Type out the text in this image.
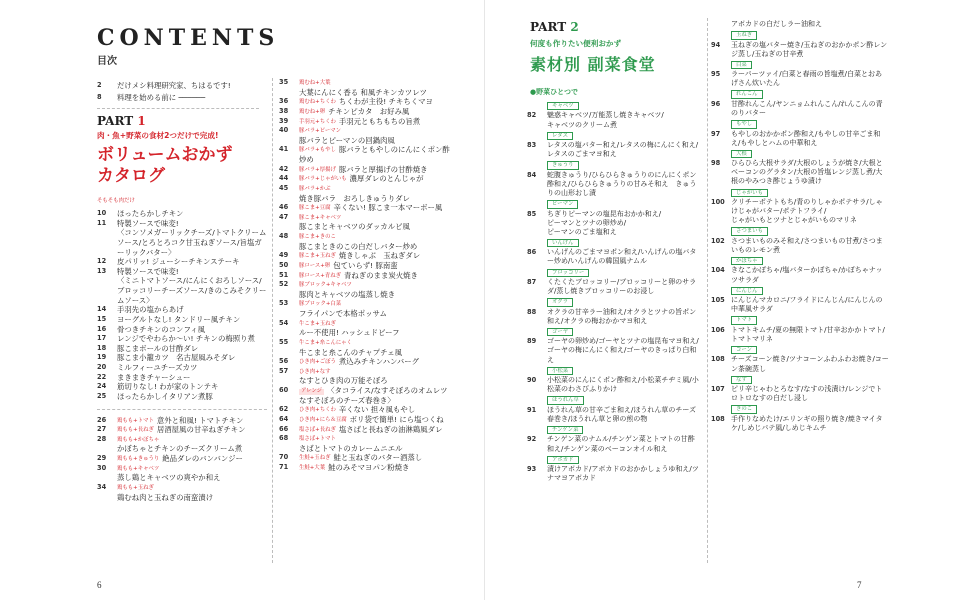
CONTENTS
目次
2	だけメシ料理研究家、ちはるです!
8	料理を始める前に ──────
PART 1
肉・魚+野菜の食材2つだけで完成!
ボリュームおかず
カタログ
そもそも肉だけ
10	ほったらかしチキン
11	特製ソースで味変!
〈コンソメガーリックチーズ/トマトクリームソース/とろとろコク甘玉ねぎソース/旨塩ガーリックバター〉
12	皮パリッ! ジューシーチキンステーキ
13	特製ソースで味変!
〈ミニトマトソース/にんにくおろしソース/ブロッコリーチーズソース/きのこみそクリームソース〉
14	手羽先の塩からあげ
15	ヨーグルトなし! タンドリー風チキン
16	骨つきチキンのコンフィ風
17	レンジでやわらか〜い! チキンの梅照り煮
18	豚こまボールの甘酢ダレ
19	豚こま小籠カツ　名古屋風みそダレ
20	ミルフィーユチーズカツ
22	まきまきチャーシュー
24	筋切りなし! わが家のトンテキ
25	ほったらかしイタリアン煮豚
26	鶏もも+トマト 意外と和風! トマトチキン
27	鶏もも+長ねぎ 居酒屋風の甘辛ねぎチキン
28	鶏もも+かぼちゃ
かぼちゃとチキンのチーズクリーム煮
29	鶏もも+きゅうり 絶品ダレのバンバンジー
30	鶏もも+キャベツ
蒸し鶏とキャベツの爽やか和え
34	鶏もも+玉ねぎ
鶏むね肉と玉ねぎの南蛮漬け
35	鶏むね+大葉
大葉にんにく香る 和風チキンカツレツ
36	鶏むね+ちくわ ちくわが主役! チキちくマヨ
38	鶏むね+卵 チキンピカタ　お好み風
39	手羽元+ちくわ 手羽元ともちもちの旨煮
40	豚バラ+ピーマン
豚バラとピーマンの回鍋肉風
41	豚バラ+もやし 豚バラともやしのにんにくポン酢炒め
42	豚バラ+厚揚げ 豚バラと厚揚げの甘酢焼き
44	豚バラ+じゃがいも 濃厚ダレのとんじゃが
45	豚バラ+かぶ
焼き豚バラ　おろしきゅうりダレ
46	豚こま+豆腐 辛くない! 豚こま一本マーボー風
47	豚こま+キャベツ
豚こまとキャベツのダッカルビ風
48	豚こま+きのこ
豚こまときのこの白だしバター炒め
49	豚こま+玉ねぎ 焼きしゃぶ　玉ねぎダレ
50	豚ロース+卵 包ていらず! 豚南蛮
51	豚ロース+青ねぎ 青ねぎのまま炭火焼き
52	豚ブロック+キャベツ
豚肉とキャベツの塩蒸し焼き
53	豚ブロック+白菜
フライパンで本格ポッサム
54	牛こま+玉ねぎ
ルー不使用! ハッシュドビーフ
55	牛こま+糸こんにゃく
牛こまと糸こんのチャプチェ風
56	ひき肉+ごぼう 煮込みチキンハンバーグ
57	ひき肉+なす
なすとひき肉の万能そぼろ
60	アレンジ 〈タコライス/なすそぼろのオムレツ　なすそぼろのチーズ春巻き〉
62	ひき肉+ちくわ 辛くない 担々風もやし
64	ひき肉+にら＆豆腐 ボリ袋で簡単! にら塩つくね
66	塩さば+長ねぎ 塩さばと長ねぎの油淋鶏風ダレ
68	塩さば+トマト
さばとトマトのカレームニエル
70	生鮭+玉ねぎ 鮭と玉ねぎのバター酒蒸し
71	生鮭+大葉 鮭のみそマヨパン粉焼き
6
PART 2
何度も作りたい便利おかず
素材別 副菜食堂
●野菜ひとつで
キャベツ
82	魅惑キャベツ/万能蒸し焼きキャベツ/
キャベツのクリーム煮
レタス
83	レタスの塩バター和え/レタスの梅にんにく和え/レタスのごまマヨ和え
きゅうり
84	蛇腹きゅうり/ひらひらきゅうりのにんにくポン酢和え/ひらひらきゅうりの甘みそ和え　きゅうりの山形おし漬
ピーマン
85	ちぎりピーマンの塩昆布おかか和え/
ピーマンとツナの卵炒め/
ピーマンのごま塩和え
いんげん
86	いんげんのごまマヨポン和え/いんげんの塩バター炒め/いんげんの韓国風ナムル
ブロッコリー
87	くたくたブロッコリー/ブロッコリーと卵のサラダ/蒸し焼きブロッコリーのお浸し
オクラ
88	オクラの甘辛ラー油和え/オクラとツナの旨ポン和え/オクラの梅おかかマヨ和え
ゴーヤ
89	ゴーヤの卵炒め/ゴーヤとツナの塩昆布マヨ和え/ゴーヤの梅にんにく和え/ゴーヤのきっぱり白和え
小松菜
90	小松菜のにんにくポン酢和え/小松菜チヂミ風/小松菜のわさびふりかけ
ほうれん草
91	ほうれん草の甘辛ごま和え/ほうれん草のチーズ春巻き/ほうれん草と卵の煎の物
チンゲン菜
92	チンゲン菜のナムル/チンゲン菜とトマトの甘酢和え/チンゲン菜のベーコンオイル和え
アボカド
93	漬けアボカド/アボカドのおかかしょうゆ和え/ツナマヨアボカド
アボカドの白だしラー油和え
玉ねぎ
94	玉ねぎの塩バター焼き/玉ねぎのおかかポン酢レンジ蒸し/玉ねぎの甘辛煮
白菜
95	ラーパーツァイ/白菜と春雨の旨塩煮/白菜とおあげさん炊いたん
れんこん
96	甘酢れんこん/ヤンニョムれんこん/れんこんの青のりバター
もやし
97	もやしのおかかポン酢和え/もやしの甘辛ごま和え/もやしとハムの中華和え
大根
98	ひらひら大根サラダ/大根のしょうが焼き/大根とベーコンのグラタン/大根の旨塩レンジ蒸し煮/大根のやみつき酢じょうゆ漬け
じゃがいも
100 クリチーポテトもち/青のりしゃかポテサラ/しゃけじゃがバター/ポテトフライ/
じゃがいもとツナとじゃがいものマリネ
さつまいも
102 さつまいものみそ和え/さつまいもの甘煮/さつまいものレモン煮
かぼちゃ
104 きなこかぼちゃ/塩バターかぼちゃ/かぼちゃナッツサラダ
にんじん
105 にんじんマカロニ/フライドにんじん/にんじんの中華風サラダ
トマト
106 トマトキムチ/夏の無限トマト/甘辛おかかトマト/トマトマリネ
コーン
108 チーズコーン焼き/ツナコーンふわふわお焼き/コーン茶碗蒸し
なす
107 ピリ辛じゃわとろなす/なすの浅漬け/レンジでトロトロなすの白だし浸し
きのこ
108 手作りなめたけ/エリンギの照り焼き/焼きマイタケ/しめじパテ風/しめじキムチ
7
